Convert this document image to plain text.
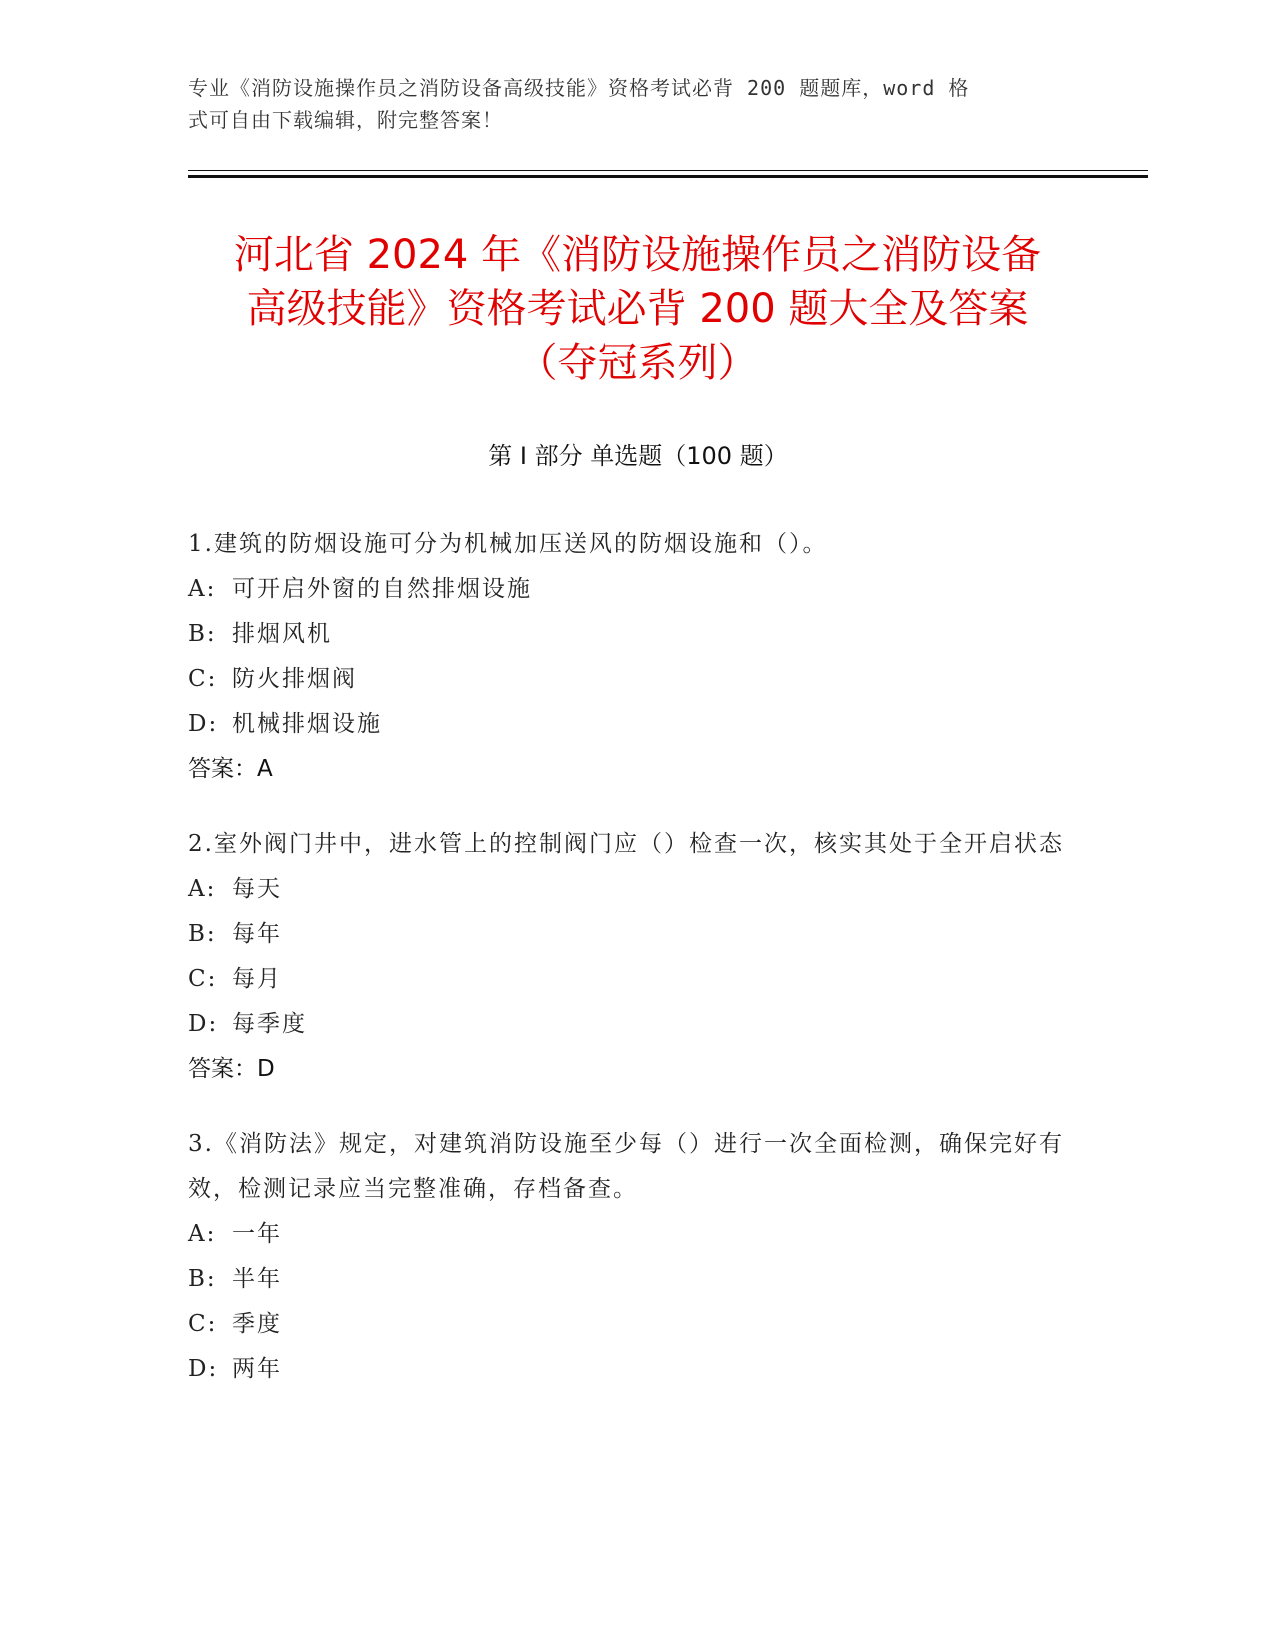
专业《消防设施操作员之消防设备高级技能》资格考试必背 200 题题库，word 格
式可自由下载编辑，附完整答案！
河北省 2024 年《消防设施操作员之消防设备
高级技能》资格考试必背 200 题大全及答案
（夺冠系列）
第 I 部分 单选题（100 题）
1.建筑的防烟设施可分为机械加压送风的防烟设施和（）。
A: 可开启外窗的自然排烟设施
B: 排烟风机
C: 防火排烟阀
D: 机械排烟设施
答案：A
2.室外阀门井中，进水管上的控制阀门应（）检查一次，核实其处于全开启状态
A: 每天
B: 每年
C: 每月
D: 每季度
答案：D
3.《消防法》规定，对建筑消防设施至少每（）进行一次全面检测，确保完好有效，检测记录应当完整准确，存档备查。
A: 一年
B: 半年
C: 季度
D: 两年
